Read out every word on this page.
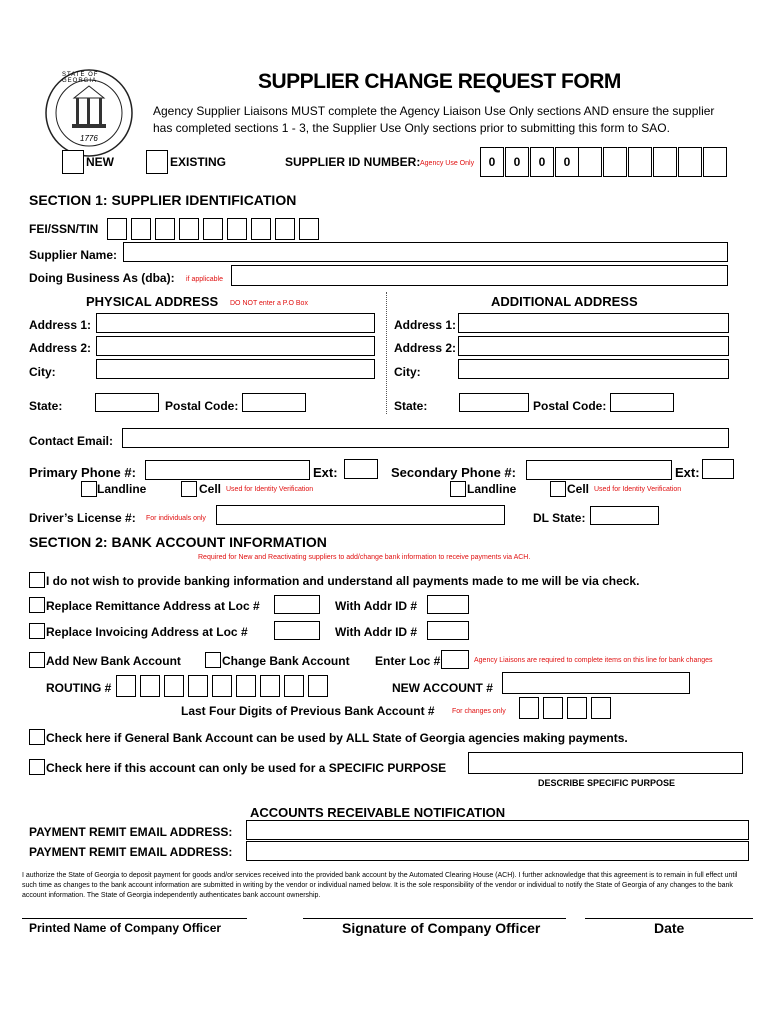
STATE OF GEORGIA
1776
SUPPLIER CHANGE REQUEST FORM
Agency Supplier Liaisons MUST complete the Agency Liaison Use Only sections AND ensure the supplier
has completed sections 1 - 3, the Supplier Use Only sections prior to submitting this form to SAO.
NEW	EXISTING	SUPPLIER ID NUMBER: Agency Use Only	0	0	0	0
SECTION 1: SUPPLIER IDENTIFICATION
FEI/SSN/TIN
Supplier Name:
Doing Business As (dba): if applicable
PHYSICAL ADDRESS DO NOT enter a P.O Box	ADDITIONAL ADDRESS
Address 1:	Address 1:
Address 2:	Address 2:
City:	City:
State:	Postal Code:	State:	Postal Code:
Contact Email:
Primary Phone #:	Ext:	Secondary Phone #:	Ext:
Landline	Cell Used for Identity Verification	Landline	Cell Used for Identity Verification
Driver’s License #: For individuals only	DL State:
SECTION 2: BANK ACCOUNT INFORMATION
Required for New and Reactivating suppliers to add/change bank information to receive payments via ACH.
I do not wish to provide banking information and understand all payments made to me will be via check.
Replace Remittance Address at Loc #	With Addr ID #
Replace Invoicing Address at Loc #	With Addr ID #
Add New Bank Account	Change Bank Account Enter Loc #	Agency Liaisons are required to complete items on this line for bank changes
ROUTING #	NEW ACCOUNT #
Last Four Digits of Previous Bank Account # For changes only
Check here if General Bank Account can be used by ALL State of Georgia agencies making payments.
Check here if this account can only be used for a SPECIFIC PURPOSE
DESCRIBE SPECIFIC PURPOSE
ACCOUNTS RECEIVABLE NOTIFICATION
PAYMENT REMIT EMAIL ADDRESS:
PAYMENT REMIT EMAIL ADDRESS:
I authorize the State of Georgia to deposit payment for goods and/or services received into the provided bank account by the Automated Clearing House (ACH). I further acknowledge that this agreement is to remain in full effect until such time as changes to the bank account information are submitted in writing by the vendor or individual named below. It is the sole responsibility of the vendor or individual to notify the State of Georgia of any changes to the bank account information. The State of Georgia independently authenticates bank account ownership.
Printed Name of Company Officer	Signature of Company Officer	Date
